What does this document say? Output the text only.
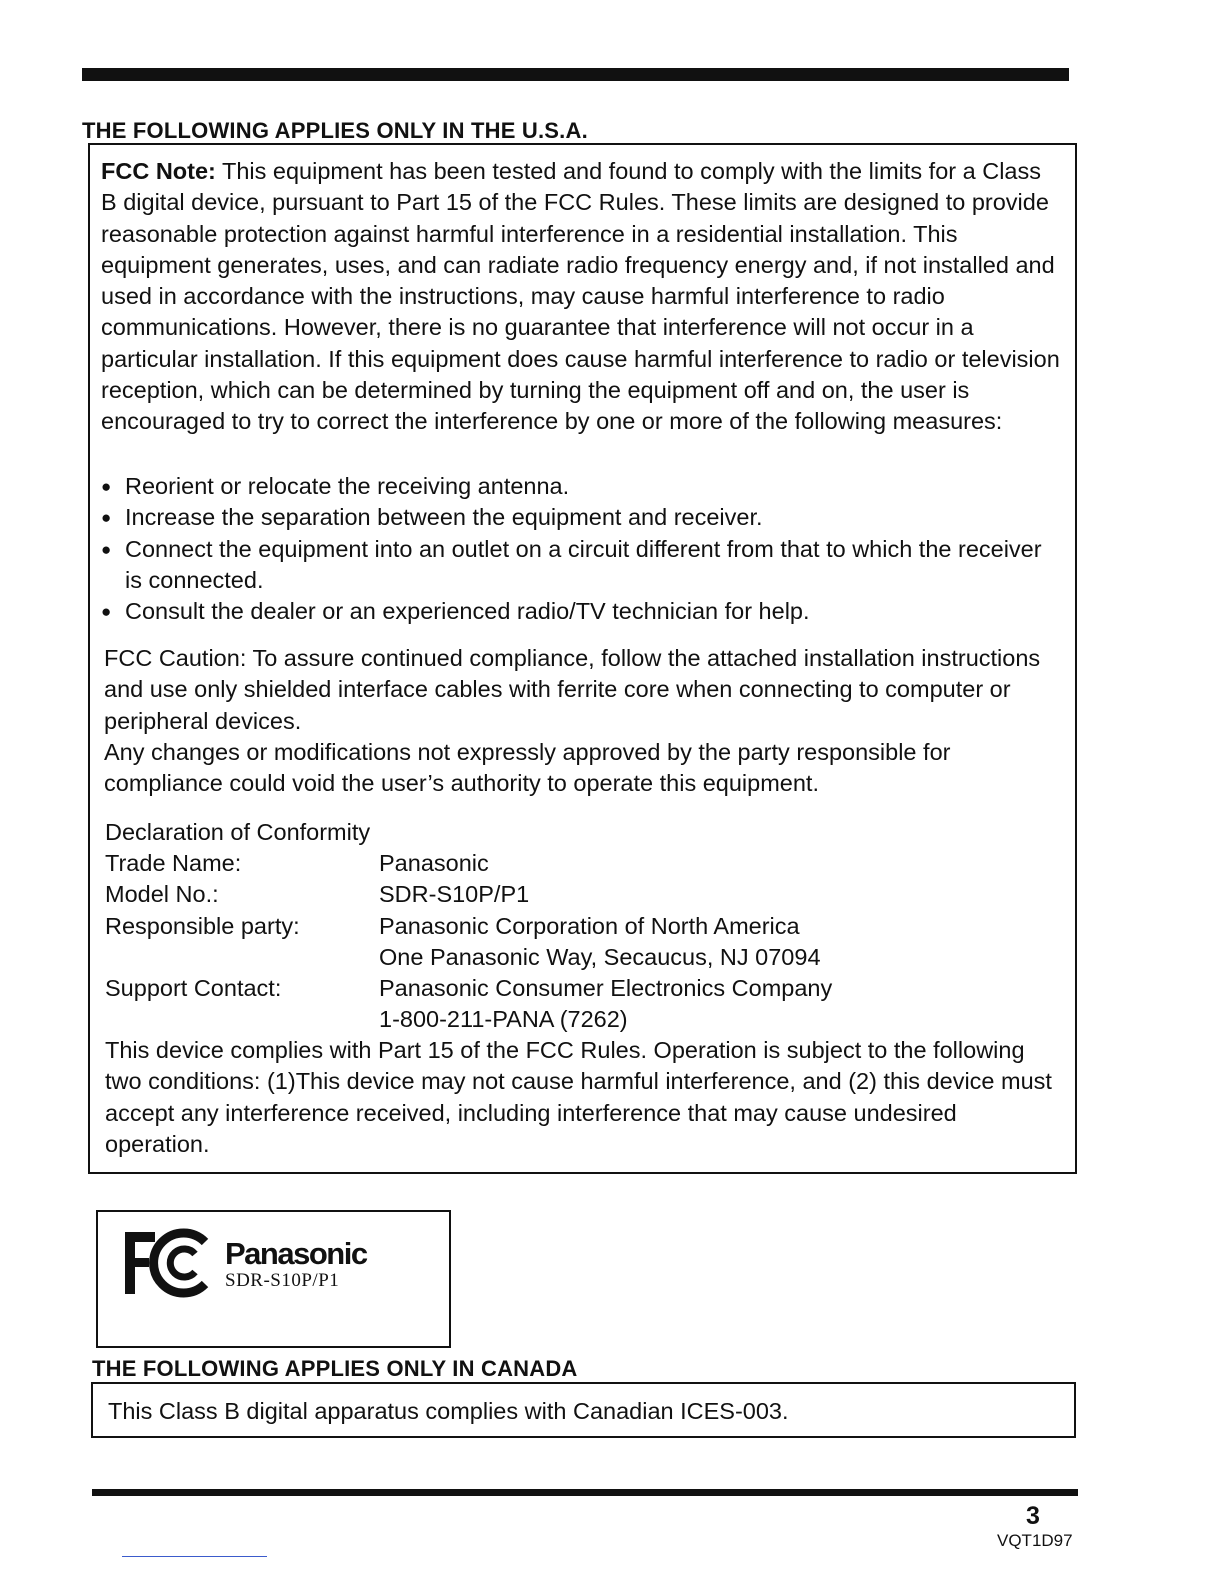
THE FOLLOWING APPLIES ONLY IN THE U.S.A.
FCC Note: This equipment has been tested and found to comply with the limits for a Class B digital device, pursuant to Part 15 of the FCC Rules. These limits are designed to provide reasonable protection against harmful interference in a residential installation. This equipment generates, uses, and can radiate radio frequency energy and, if not installed and used in accordance with the instructions, may cause harmful interference to radio communications. However, there is no guarantee that interference will not occur in a particular installation. If this equipment does cause harmful interference to radio or television reception, which can be determined by turning the equipment off and on, the user is encouraged to try to correct the interference by one or more of the following measures:
● Reorient or relocate the receiving antenna.
● Increase the separation between the equipment and receiver.
● Connect the equipment into an outlet on a circuit different from that to which the receiver is connected.
● Consult the dealer or an experienced radio/TV technician for help.
FCC Caution: To assure continued compliance, follow the attached installation instructions and use only shielded interface cables with ferrite core when connecting to computer or peripheral devices.
Any changes or modifications not expressly approved by the party responsible for compliance could void the user’s authority to operate this equipment.
Declaration of Conformity
Trade Name:	Panasonic
Model No.:	SDR-S10P/P1
Responsible party:	Panasonic Corporation of North America
One Panasonic Way, Secaucus, NJ 07094
Support Contact:	Panasonic Consumer Electronics Company
1-800-211-PANA (7262)
This device complies with Part 15 of the FCC Rules. Operation is subject to the following two conditions: (1)This device may not cause harmful interference, and (2) this device must accept any interference received, including interference that may cause undesired operation.
Panasonic
SDR-S10P/P1
THE FOLLOWING APPLIES ONLY IN CANADA
This Class B digital apparatus complies with Canadian ICES-003.
3
VQT1D97
